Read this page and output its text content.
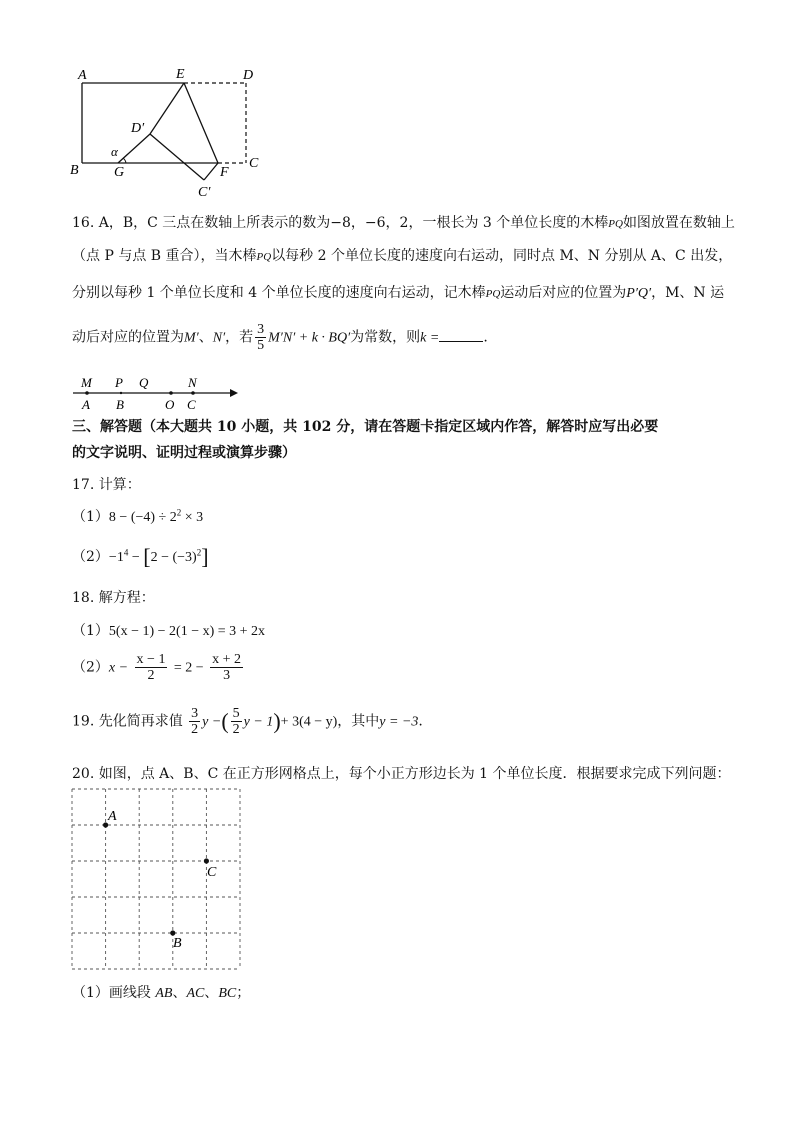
A	E	D
D′
α
B	G	F
C
C′
16. A，B，C 三点在数轴上所表示的数为−8，−6，2，一根长为 3 个单位长度的木棒PQ如图放置在数轴上
（点 P 与点 B 重合），当木棒PQ以每秒 2 个单位长度的速度向右运动，同时点 M、N 分别从 A、C 出发，
分别以每秒 1 个单位长度和 4 个单位长度的速度向右运动，记木棒PQ运动后对应的位置为P′Q′，M、N 运
动后对应的位置为M′、N′，若 $\frac{3}{5} M'N' + k \cdot BQ'$为常数，则k =	.
M P Q	N
A B	O C
三、解答题（本大题共 10 小题，共 102 分，请在答题卡指定区域内作答，解答时应写出必要
的文字说明、证明过程或演算步骤）
17. 计算：
$(1)8 - (-4) \div 2^2 \times 3$
$(2)-1^4 - [2 - (-3)^2]$
18. 解方程：
（1）5(x − 1) − 2(1 − x) = 3 + 2x
$(2)x - \frac{x - 1}{2} = 2 - \frac{x + 2}{3}$
19. 先化简再求值 $\frac{3}{2}$ y −( $\frac{5}{2}$ y − 1)+ 3(4 − y)，其中y = −3.
20. 如图，点 A、B、C 在正方形网格点上，每个小正方形边长为 1 个单位长度．根据要求完成下列问题：
A
C
B
（1）画线段 AB、AC、BC；
